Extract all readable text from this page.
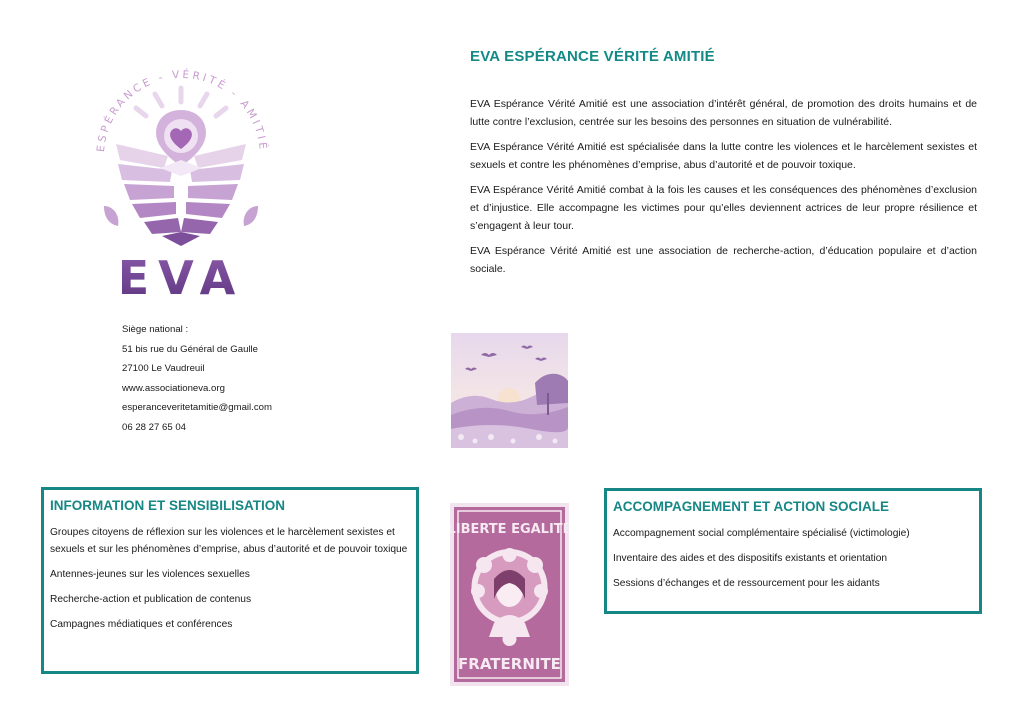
ESPÉRANCE - VÉRITÉ - AMITIÉ
EVA
EVA ESPÉRANCE VÉRITÉ AMITIÉ

EVA Espérance Vérité Amitié est une association d’intérêt général, de promotion des droits humains et de lutte contre l’exclusion, centrée sur les besoins des personnes en situation de vulnérabilité.

EVA Espérance Vérité Amitié est spécialisée dans la lutte contre les violences et le harcèlement sexistes et sexuels et contre les phénomènes d’emprise, abus d’autorité et de pouvoir toxique.

EVA Espérance Vérité Amitié combat à la fois les causes et les conséquences des phénomènes d’exclusion et d’injustice. Elle accompagne les victimes pour qu’elles deviennent actrices de leur propre résilience et s’engagent à leur tour.

EVA Espérance Vérité Amitié est une association de recherche-action, d’éducation populaire et d’action sociale.

Siège national :
51 bis rue du Général de Gaulle
27100 Le Vaudreuil
www.associationeva.org
esperanceveritetamitie@gmail.com
06 28 27 65 04
LIBERTE EGALITE
FRATERNITE
INFORMATION ET SENSIBILISATION

Groupes citoyens de réflexion sur les violences et le harcèlement sexistes et sexuels et sur les phénomènes d’emprise, abus d’autorité et de pouvoir toxique

Antennes-jeunes sur les violences sexuelles

Recherche-action et publication de contenus

Campagnes médiatiques et conférences

ACCOMPAGNEMENT ET ACTION SOCIALE

Accompagnement social complémentaire spécialisé (victimologie)

Inventaire des aides et des dispositifs existants et orientation

Sessions d’échanges et de ressourcement pour les aidants
